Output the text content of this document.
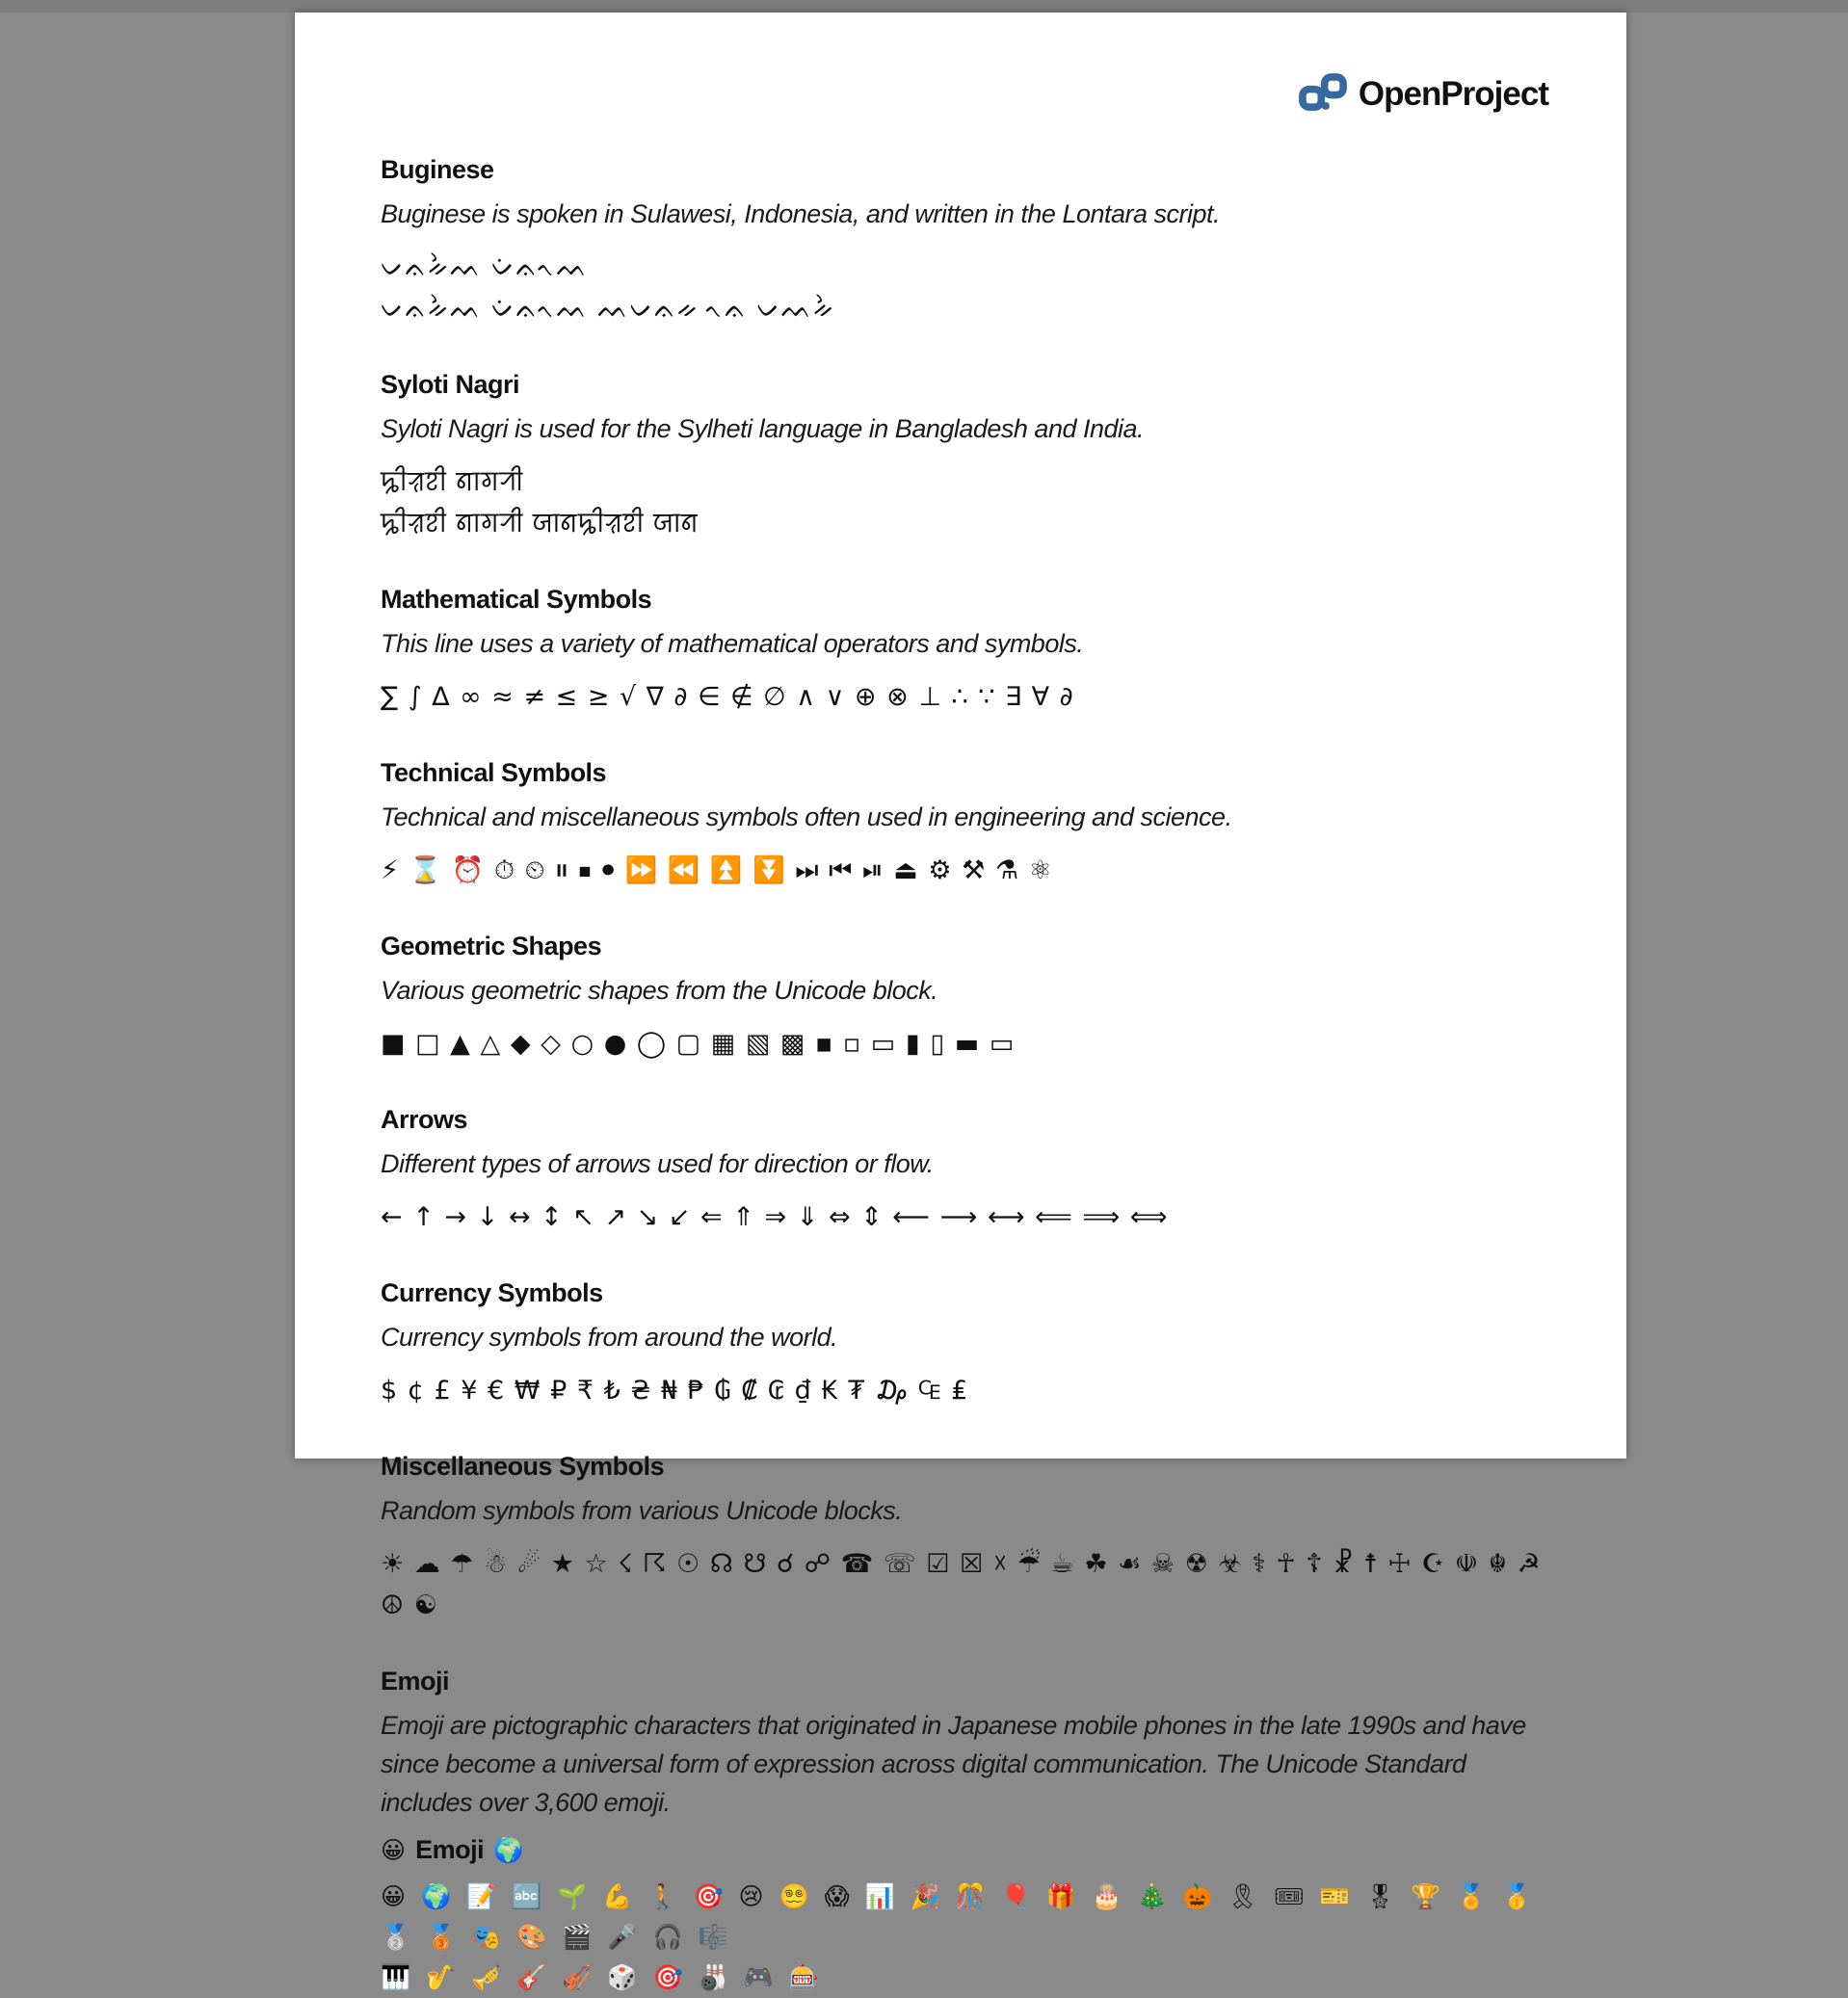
OpenProject
Buginese

Buginese is spoken in Sulawesi, Indonesia, and written in the Lontara script.

ᨆᨊᨀᨛᨓ ᨆᨗᨊᨚᨓ
ᨆᨊᨀᨛᨓ ᨆᨗᨊᨚᨓ ᨓᨆᨊᨀ ᨚᨊ ᨆᨓᨀᨛ
Syloti Nagri

Syloti Nagri is used for the Sylheti language in Bangladesh and India.

ꠍꠤꠟꠐꠤ ꠘꠣꠉꠞꠤ
ꠍꠤꠟꠐꠤ ꠘꠣꠉꠞꠤ ꠎꠣꠘꠍꠤꠟꠐꠤ ꠎꠣꠘ
Mathematical Symbols

This line uses a variety of mathematical operators and symbols.

∑ ∫ ∆ ∞ ≈ ≠ ≤ ≥ √ ∇ ∂ ∈ ∉ ∅ ∧ ∨ ⊕ ⊗ ⊥ ∴ ∵ ∃ ∀ ∂
Technical Symbols

Technical and miscellaneous symbols often used in engineering and science.

⚡ ⌛ ⏰ ⏱ ⏲ ⏸ ⏹ ⏺ ⏩ ⏪ ⏫ ⏬ ⏭ ⏮ ⏯ ⏏ ⚙ ⚒ ⚗ ⚛
Geometric Shapes

Various geometric shapes from the Unicode block.

■ □ ▲ △ ◆ ◇ ○ ● ◯ ▢ ▦ ▧ ▩ ▪ ▫ ▭ ▮ ▯ ▬ ▭
Arrows

Different types of arrows used for direction or flow.

← ↑ → ↓ ↔ ↕ ↖ ↗ ↘ ↙ ⇐ ⇑ ⇒ ⇓ ⇔ ⇕ ⟵ ⟶ ⟷ ⟸ ⟹ ⟺
Currency Symbols

Currency symbols from around the world.

$ ¢ £ ¥ € ₩ ₽ ₹ ₺ ₴ ₦ ₱ ₲ ₡ ₢ ₫ ₭ ₮ ₯ ₠ ₤
Miscellaneous Symbols

Random symbols from various Unicode blocks.

☀ ☁ ☂ ☃ ☄ ★ ☆ ☇ ☈ ☉ ☊ ☋ ☌ ☍ ☎ ☏ ☑ ☒ ☓ ☔ ☕ ☘ ☙ ☠ ☢ ☣ ⚕ ☥ ☦ ☧ ☨ ☩ ☪ ☫ ☬ ☭ ☮ ☯
Emoji

Emoji are pictographic characters that originated in Japanese mobile phones in the late 1990s and have since become a universal form of expression across digital communication. The Unicode Standard includes over 3,600 emoji.

😀 Emoji 🌍
😀 🌍 📝 🔤 🌱 💪 🚶 🎯 😢 😵‍💫 😱 📊 🎉 🎊 🎈 🎁 🎂 🎄 🎃 🎗 🎟 🎫 🎖 🏆 🏅 🥇 🥈 🥉 🎭 🎨 🎬 🎤 🎧 🎼
🎹 🎷 🎺 🎸 🎻 🎲 🎯 🎳 🎮 🎰
